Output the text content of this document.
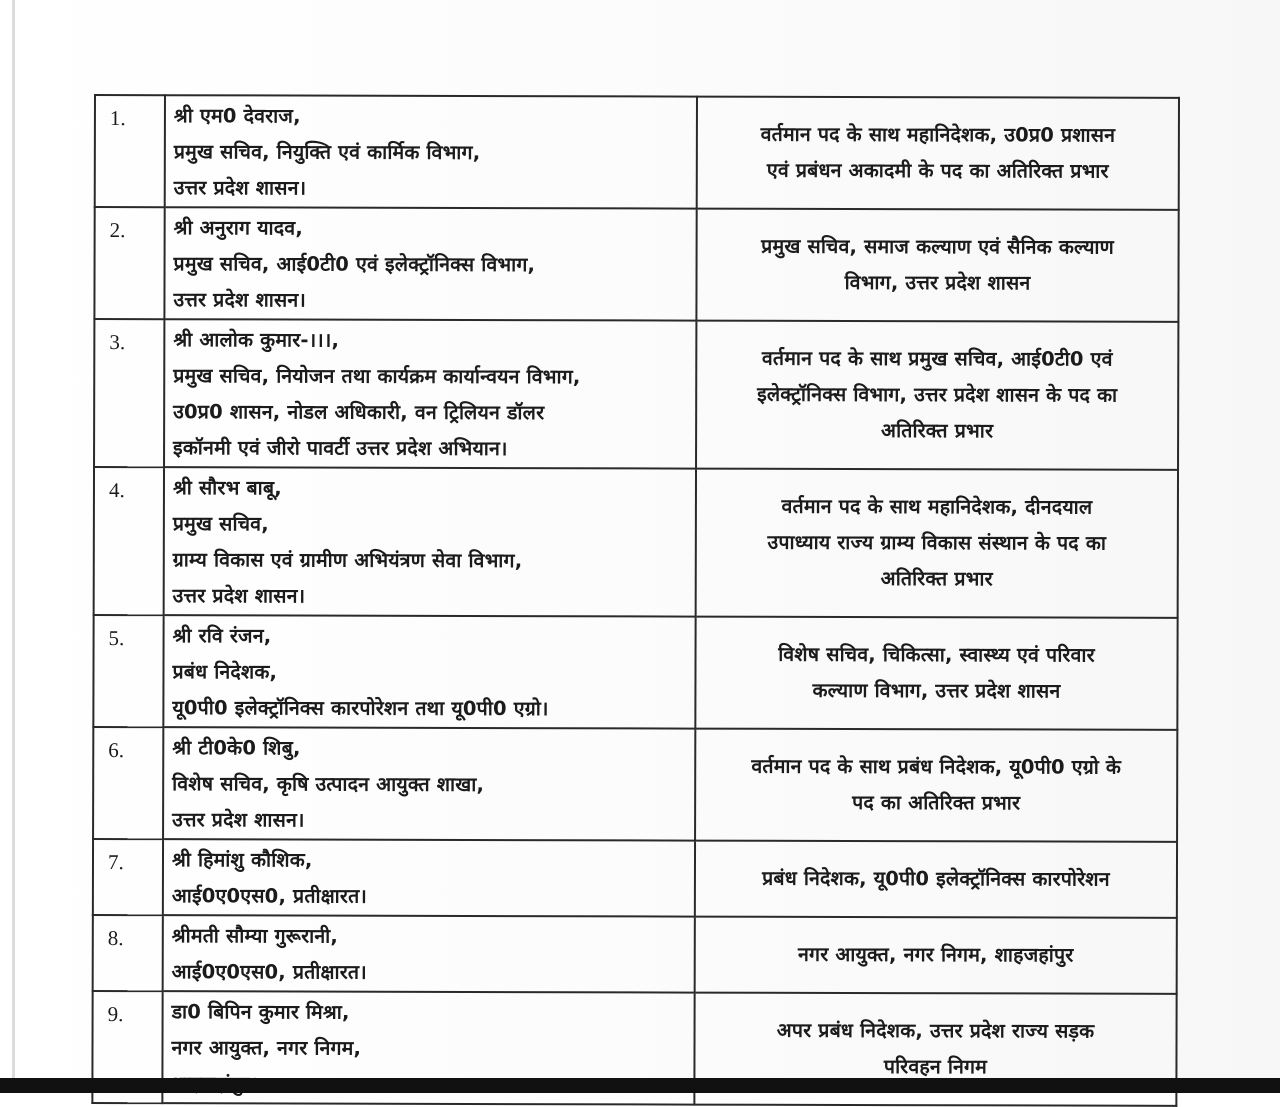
1.	श्री एम0 देवराज,
प्रमुख सचिव, नियुक्ति एवं कार्मिक विभाग,
उत्तर प्रदेश शासन।	वर्तमान पद के साथ महानिदेशक, उ0प्र0 प्रशासन
एवं प्रबंधन अकादमी के पद का अतिरिक्त प्रभार

2.	श्री अनुराग यादव,
प्रमुख सचिव, आई0टी0 एवं इलेक्ट्रॉनिक्स विभाग,
उत्तर प्रदेश शासन।	प्रमुख सचिव, समाज कल्याण एवं सैनिक कल्याण
विभाग, उत्तर प्रदेश शासन

3.	श्री आलोक कुमार-।।।,
प्रमुख सचिव, नियोजन तथा कार्यक्रम कार्यान्वयन विभाग,
उ0प्र0 शासन, नोडल अधिकारी, वन ट्रिलियन डॉलर
इकॉनमी एवं जीरो पावर्टी उत्तर प्रदेश अभियान।	वर्तमान पद के साथ प्रमुख सचिव, आई0टी0 एवं
इलेक्ट्रॉनिक्स विभाग, उत्तर प्रदेश शासन के पद का
अतिरिक्त प्रभार

4.	श्री सौरभ बाबू,
प्रमुख सचिव,
ग्राम्य विकास एवं ग्रामीण अभियंत्रण सेवा विभाग,
उत्तर प्रदेश शासन।	वर्तमान पद के साथ महानिदेशक, दीनदयाल
उपाध्याय राज्य ग्राम्य विकास संस्थान के पद का
अतिरिक्त प्रभार

5.	श्री रवि रंजन,
प्रबंध निदेशक,
यू0पी0 इलेक्ट्रॉनिक्स कारपोरेशन तथा यू0पी0 एग्रो।	विशेष सचिव, चिकित्सा, स्वास्थ्य एवं परिवार
कल्याण विभाग, उत्तर प्रदेश शासन

6.	श्री टी0के0 शिबु,
विशेष सचिव, कृषि उत्पादन आयुक्त शाखा,
उत्तर प्रदेश शासन।	वर्तमान पद के साथ प्रबंध निदेशक, यू0पी0 एग्रो के
पद का अतिरिक्त प्रभार

7.	श्री हिमांशु कौशिक,
आई0ए0एस0, प्रतीक्षारत।	प्रबंध निदेशक, यू0पी0 इलेक्ट्रॉनिक्स कारपोरेशन

8.	श्रीमती सौम्या गुरूरानी,
आई0ए0एस0, प्रतीक्षारत।	नगर आयुक्त, नगर निगम, शाहजहांपुर

9.	डा0 बिपिन कुमार मिश्रा,
नगर आयुक्त, नगर निगम,	अपर प्रबंध निदेशक, उत्तर प्रदेश राज्य सड़क
परिवहन निगम
